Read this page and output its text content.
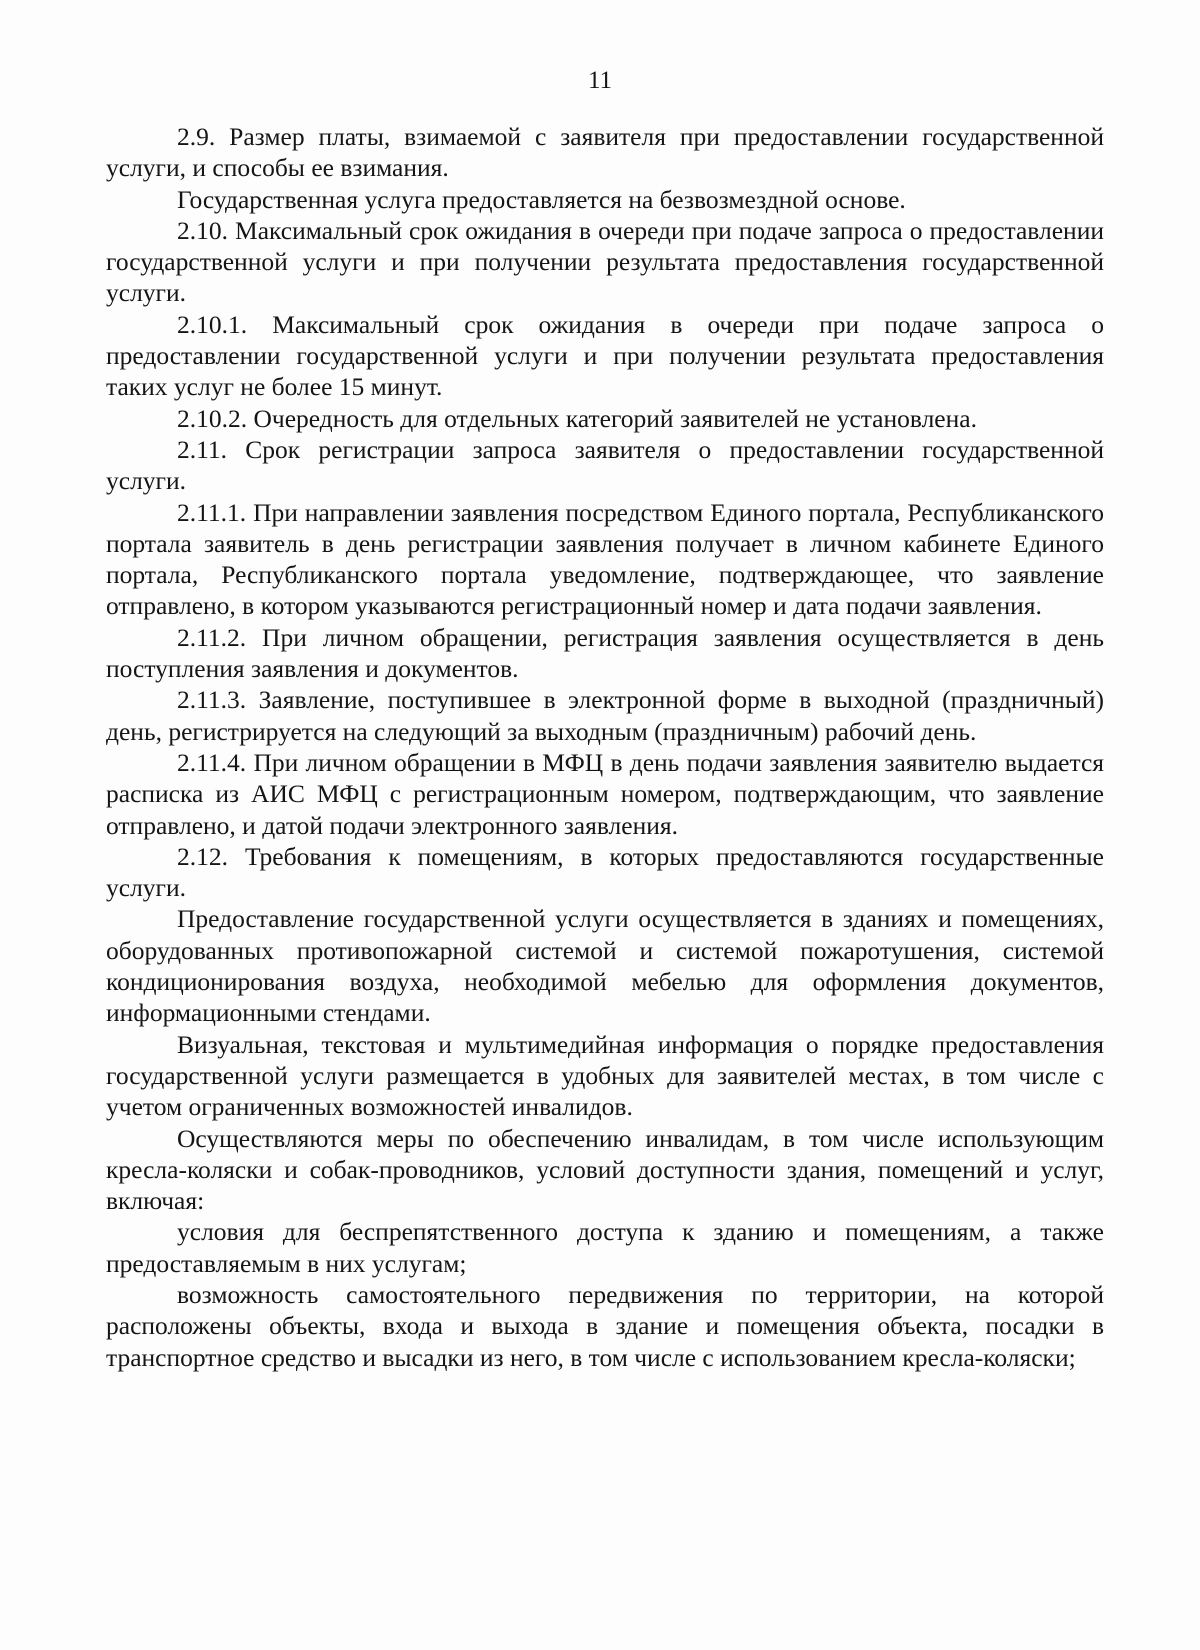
11

2.9. Размер платы, взимаемой с заявителя при предоставлении государственной услуги, и способы ее взимания.

Государственная услуга предоставляется на безвозмездной основе.

2.10. Максимальный срок ожидания в очереди при подаче запроса о предоставлении государственной услуги и при получении результата предоставления государственной услуги.

2.10.1. Максимальный срок ожидания в очереди при подаче запроса о предоставлении государственной услуги и при получении результата предоставления таких услуг не более 15 минут.

2.10.2. Очередность для отдельных категорий заявителей не установлена.

2.11. Срок регистрации запроса заявителя о предоставлении государственной услуги.

2.11.1. При направлении заявления посредством Единого портала, Республиканского портала заявитель в день регистрации заявления получает в личном кабинете Единого портала, Республиканского портала уведомление, подтверждающее, что заявление отправлено, в котором указываются регистрационный номер и дата подачи заявления.

2.11.2. При личном обращении, регистрация заявления осуществляется в день поступления заявления и документов.

2.11.3. Заявление, поступившее в электронной форме в выходной (праздничный) день, регистрируется на следующий за выходным (праздничным) рабочий день.

2.11.4. При личном обращении в МФЦ в день подачи заявления заявителю выдается расписка из АИС МФЦ с регистрационным номером, подтверждающим, что заявление отправлено, и датой подачи электронного заявления.

2.12. Требования к помещениям, в которых предоставляются государственные услуги.

Предоставление государственной услуги осуществляется в зданиях и помещениях, оборудованных противопожарной системой и системой пожаротушения, системой кондиционирования воздуха, необходимой мебелью для оформления документов, информационными стендами.

Визуальная, текстовая и мультимедийная информация о порядке предоставления государственной услуги размещается в удобных для заявителей местах, в том числе с учетом ограниченных возможностей инвалидов.

Осуществляются меры по обеспечению инвалидам, в том числе использующим кресла-коляски и собак-проводников, условий доступности здания, помещений и услуг, включая:

условия для беспрепятственного доступа к зданию и помещениям, а также предоставляемым в них услугам;

возможность самостоятельного передвижения по территории, на которой расположены объекты, входа и выхода в здание и помещения объекта, посадки в транспортное средство и высадки из него, в том числе с использованием кресла-коляски;
